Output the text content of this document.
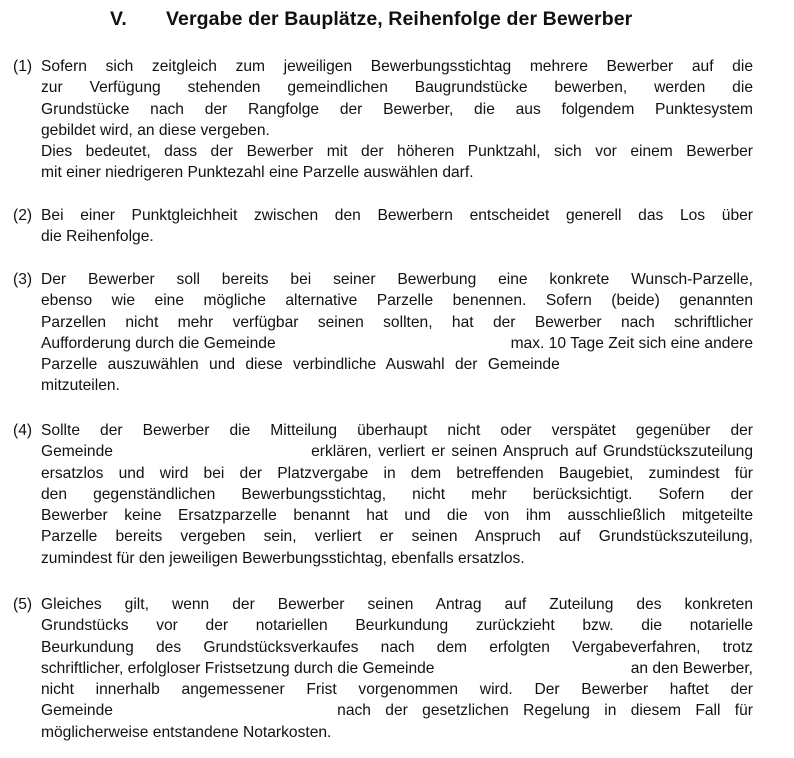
V. Vergabe der Bauplätze, Reihenfolge der Bewerber
(1) Sofern sich zeitgleich zum jeweiligen Bewerbungsstichtag mehrere Bewerber auf die
zur Verfügung stehenden gemeindlichen Baugrundstücke bewerben, werden die
Grundstücke nach der Rangfolge der Bewerber, die aus folgendem Punktesystem
gebildet wird, an diese vergeben.
Dies bedeutet, dass der Bewerber mit der höheren Punktzahl, sich vor einem Bewerber
mit einer niedrigeren Punktezahl eine Parzelle auswählen darf.
(2) Bei einer Punktgleichheit zwischen den Bewerbern entscheidet generell das Los über
die Reihenfolge.
(3) Der Bewerber soll bereits bei seiner Bewerbung eine konkrete Wunsch-Parzelle,
ebenso wie eine mögliche alternative Parzelle benennen. Sofern (beide) genannten
Parzellen nicht mehr verfügbar seinen sollten, hat der Bewerber nach schriftlicher
Aufforderung durch die Gemeinde	max. 10 Tage Zeit sich eine andere
Parzelle auszuwählen und diese verbindliche Auswahl der Gemeinde
mitzuteilen.
(4) Sollte der Bewerber die Mitteilung überhaupt nicht oder verspätet gegenüber der
Gemeinde	erklären, verliert er seinen Anspruch auf Grundstückszuteilung
ersatzlos und wird bei der Platzvergabe in dem betreffenden Baugebiet, zumindest für
den gegenständlichen Bewerbungsstichtag, nicht mehr berücksichtigt. Sofern der
Bewerber keine Ersatzparzelle benannt hat und die von ihm ausschließlich mitgeteilte
Parzelle bereits vergeben sein, verliert er seinen Anspruch auf Grundstückszuteilung,
zumindest für den jeweiligen Bewerbungsstichtag, ebenfalls ersatzlos.
(5) Gleiches gilt, wenn der Bewerber seinen Antrag auf Zuteilung des konkreten
Grundstücks vor der notariellen Beurkundung zurückzieht bzw. die notarielle
Beurkundung des Grundstücksverkaufes nach dem erfolgten Vergabeverfahren, trotz
schriftlicher, erfolgloser Fristsetzung durch die Gemeinde	an den Bewerber,
nicht innerhalb angemessener Frist vorgenommen wird. Der Bewerber haftet der
Gemeinde	nach der gesetzlichen Regelung in diesem Fall für
möglicherweise entstandene Notarkosten.
